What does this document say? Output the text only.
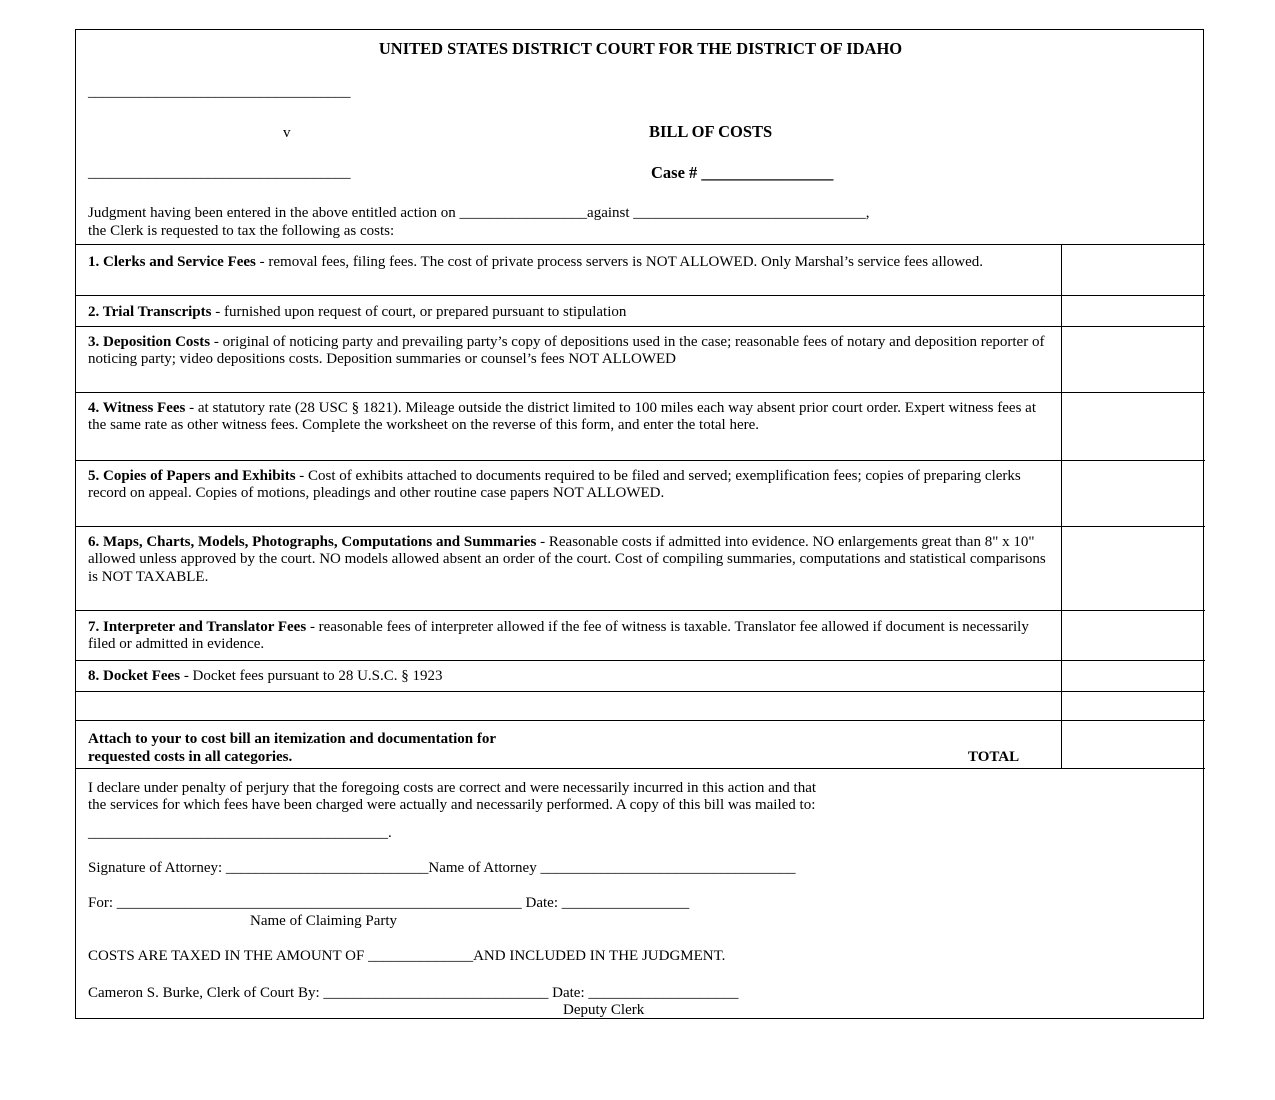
UNITED STATES DISTRICT COURT FOR THE DISTRICT OF IDAHO
___________________________________
v	BILL OF COSTS
___________________________________	Case # ________________
Judgment having been entered in the above entitled action on _________________against _______________________________,
the Clerk is requested to tax the following as costs:
Attach to your to cost bill an itemization and documentation for
requested costs in all categories.	TOTAL
I declare under penalty of perjury that the foregoing costs are correct and were necessarily incurred in this action and that
the services for which fees have been charged were actually and necessarily performed. A copy of this bill was mailed to:
________________________________________.
Signature of Attorney: ___________________________Name of Attorney __________________________________
For: ______________________________________________________ Date: _________________
Name of Claiming Party
COSTS ARE TAXED IN THE AMOUNT OF ______________AND INCLUDED IN THE JUDGMENT.
Cameron S. Burke, Clerk of Court By: ______________________________ Date: ____________________
Deputy Clerk
1. Clerks and Service Fees - removal fees, filing fees. The cost of private process servers is NOT ALLOWED. Only Marshal’s service fees allowed.
2. Trial Transcripts - furnished upon request of court, or prepared pursuant to stipulation
3. Deposition Costs - original of noticing party and prevailing party’s copy of depositions used in the case; reasonable fees of notary and deposition reporter of noticing party; video depositions costs. Deposition summaries or counsel’s fees NOT ALLOWED
4. Witness Fees - at statutory rate (28 USC § 1821). Mileage outside the district limited to 100 miles each way absent prior court order. Expert witness fees at the same rate as other witness fees. Complete the worksheet on the reverse of this form, and enter the total here.
5. Copies of Papers and Exhibits - Cost of exhibits attached to documents required to be filed and served; exemplification fees; copies of preparing clerks record on appeal. Copies of motions, pleadings and other routine case papers NOT ALLOWED.
6. Maps, Charts, Models, Photographs, Computations and Summaries - Reasonable costs if admitted into evidence. NO enlargements great than 8" x 10" allowed unless approved by the court. NO models allowed absent an order of the court. Cost of compiling summaries, computations and statistical comparisons is NOT TAXABLE.
7. Interpreter and Translator Fees - reasonable fees of interpreter allowed if the fee of witness is taxable. Translator fee allowed if document is necessarily filed or admitted in evidence.
8. Docket Fees - Docket fees pursuant to 28 U.S.C. § 1923
